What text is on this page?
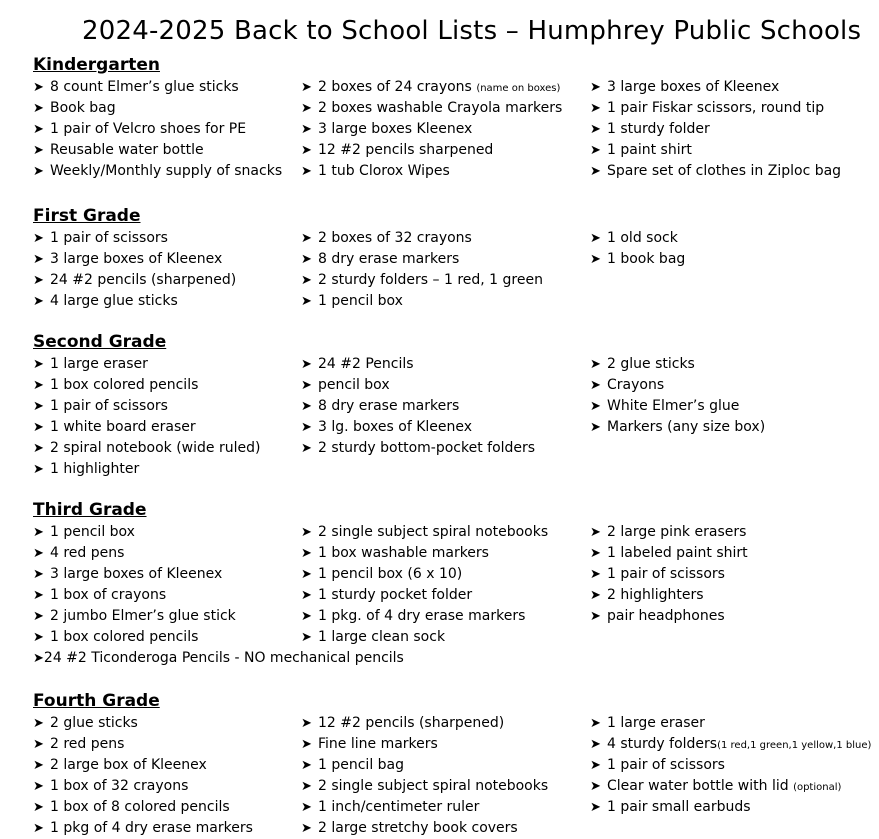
2024-2025 Back to School Lists – Humphrey Public Schools
Kindergarten
➤ 8 count Elmer’s glue sticks
➤ Book bag
➤ 1 pair of Velcro shoes for PE
➤ Reusable water bottle
➤ Weekly/Monthly supply of snacks
➤ 2 boxes of 24 crayons (name on boxes)
➤ 2 boxes washable Crayola markers
➤ 3 large boxes Kleenex
➤ 12 #2 pencils sharpened
➤ 1 tub Clorox Wipes
➤ 3 large boxes of Kleenex
➤ 1 pair Fiskar scissors, round tip
➤ 1 sturdy folder
➤ 1 paint shirt
➤ Spare set of clothes in Ziploc bag
First Grade
➤ 1 pair of scissors
➤ 3 large boxes of Kleenex
➤ 24 #2 pencils (sharpened)
➤ 4 large glue sticks
➤ 2 boxes of 32 crayons
➤ 8 dry erase markers
➤ 2 sturdy folders – 1 red, 1 green
➤ 1 pencil box
➤ 1 old sock
➤ 1 book bag
Second Grade
➤ 1 large eraser
➤ 1 box colored pencils
➤ 1 pair of scissors
➤ 1 white board eraser
➤ 2 spiral notebook (wide ruled)
➤ 1 highlighter
➤ 24 #2 Pencils
➤ pencil box
➤ 8 dry erase markers
➤ 3 lg. boxes of Kleenex
➤ 2 sturdy bottom-pocket folders
➤ 2 glue sticks
➤ Crayons
➤ White Elmer’s glue
➤ Markers (any size box)
Third Grade
➤ 1 pencil box
➤ 4 red pens
➤ 3 large boxes of Kleenex
➤ 1 box of crayons
➤ 2 jumbo Elmer’s glue stick
➤ 1 box colored pencils
➤ 2 single subject spiral notebooks
➤ 1 box washable markers
➤ 1 pencil box (6 x 10)
➤ 1 sturdy pocket folder
➤ 1 pkg. of 4 dry erase markers
➤ 1 large clean sock
➤ 2 large pink erasers
➤ 1 labeled paint shirt
➤ 1 pair of scissors
➤ 2 highlighters
➤ pair headphones

➤24 #2 Ticonderoga Pencils - NO mechanical pencils

Fourth Grade
➤ 2 glue sticks
➤ 2 red pens
➤ 2 large box of Kleenex
➤ 1 box of 32 crayons
➤ 1 box of 8 colored pencils
➤ 1 pkg of 4 dry erase markers
➤ 12 #2 pencils (sharpened)
➤ Fine line markers
➤ 1 pencil bag
➤ 2 single subject spiral notebooks
➤ 1 inch/centimeter ruler
➤ 2 large stretchy book covers
➤ 1 large eraser
➤ 4 sturdy folders(1 red,1 green,1 yellow,1 blue)
➤ 1 pair of scissors
➤ Clear water bottle with lid (optional)
➤ 1 pair small earbuds
